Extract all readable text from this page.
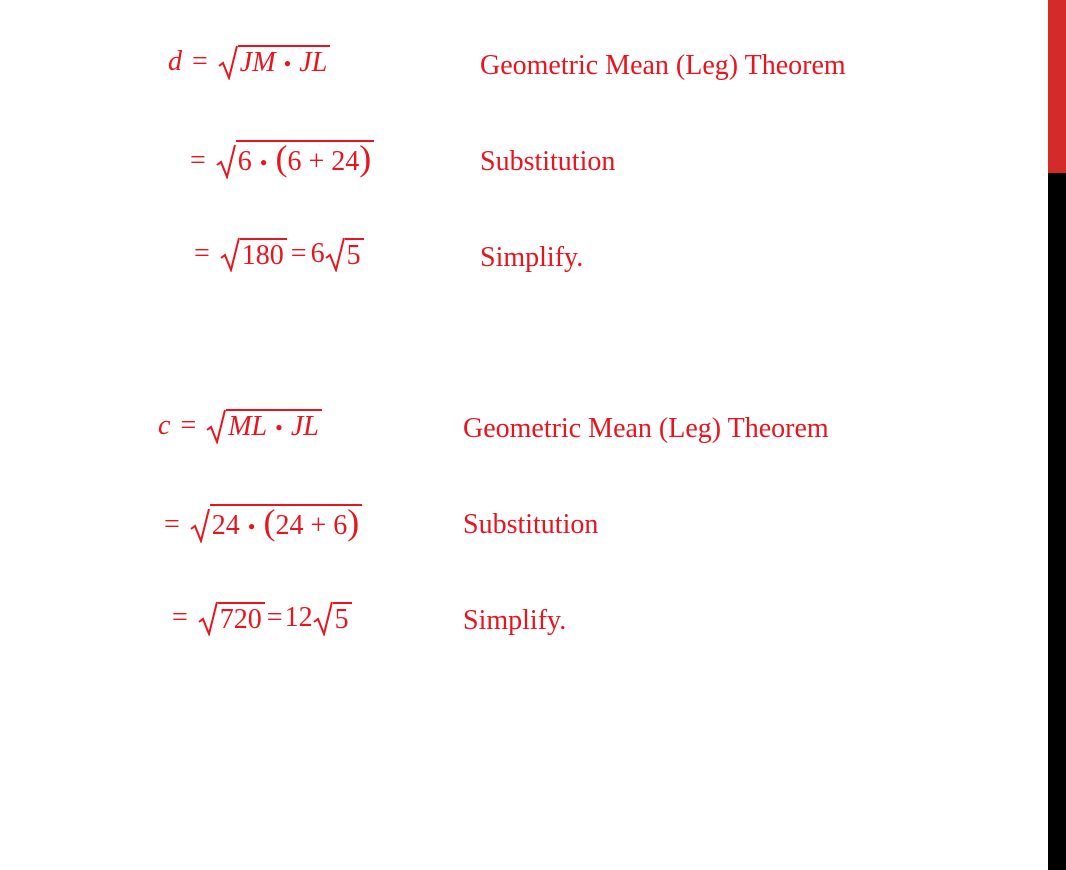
d = JM • JL	Geometric Mean (Leg) Theorem
= 6 • ( 6 + 24 )	Substitution
= 180 = 6 5	Simplify.
c = ML • JL	Geometric Mean (Leg) Theorem
= 24 • ( 24 + 6 )	Substitution
= 720 = 12 5	Simplify.
